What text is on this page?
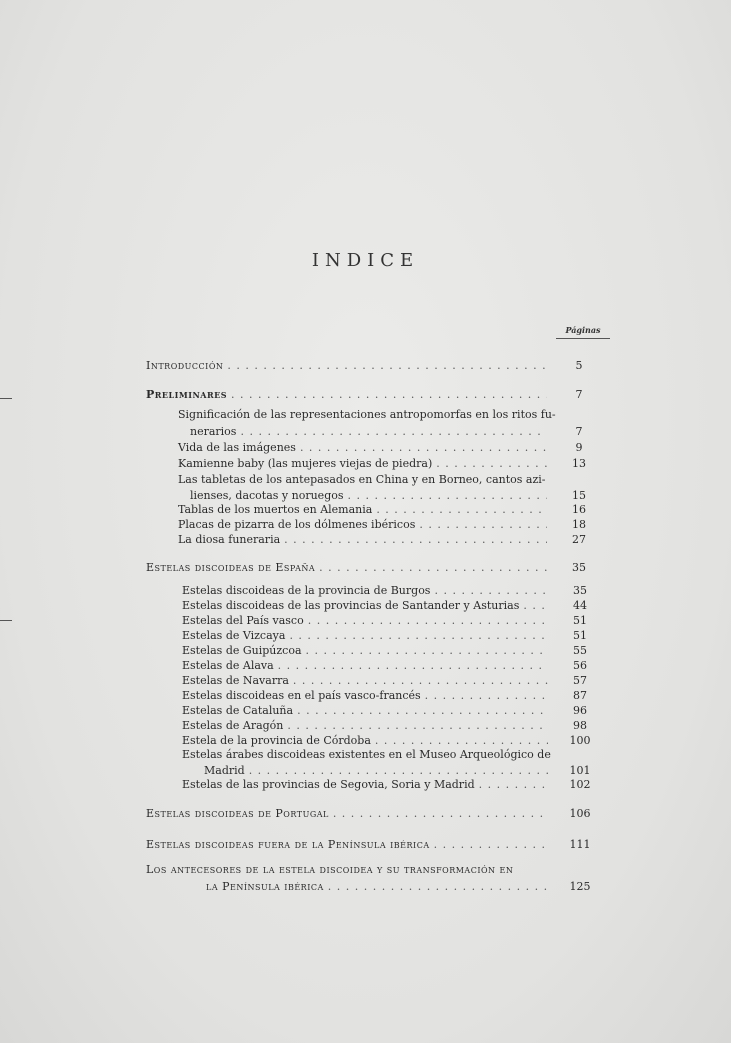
INDICE
Páginas
Introducción . . .	5
Preliminares . . .	7
Significación de las representaciones antropomorfas en los ritos fu-
nerarios . . .	7
Vida de las imágenes . . .	9
Kamienne baby (las mujeres viejas de piedra) . . .	13
Las tabletas de los antepasados en China y en Borneo, cantos azi-
lienses, dacotas y noruegos . . .	15
Tablas de los muertos en Alemania . . .	16
Placas de pizarra de los dólmenes ibéricos . . .	18
La diosa funeraria . . .	27
Estelas discoideas de España . . .	35
Estelas discoideas de la provincia de Burgos . . .	35
Estelas discoideas de las provincias de Santander y Asturias . . .	44
Estelas del País vasco . . .	51
Estelas de Vizcaya . . .	51
Estelas de Guipúzcoa . . .	55
Estelas de Alava . . .	56
Estelas de Navarra . . .	57
Estelas discoideas en el país vasco-francés . . .	87
Estelas de Cataluña . . .	96
Estelas de Aragón . . .	98
Estela de la provincia de Córdoba . . .	100
Estelas árabes discoideas existentes en el Museo Arqueológico de
Madrid . . .	101
Estelas de las provincias de Segovia, Soria y Madrid . . .	102
Estelas discoideas de Portugal . . .	106
Estelas discoideas fuera de la Península ibérica . . .	111
Los antecesores de la estela discoidea y su transformación en
la Península ibérica . . .	125
